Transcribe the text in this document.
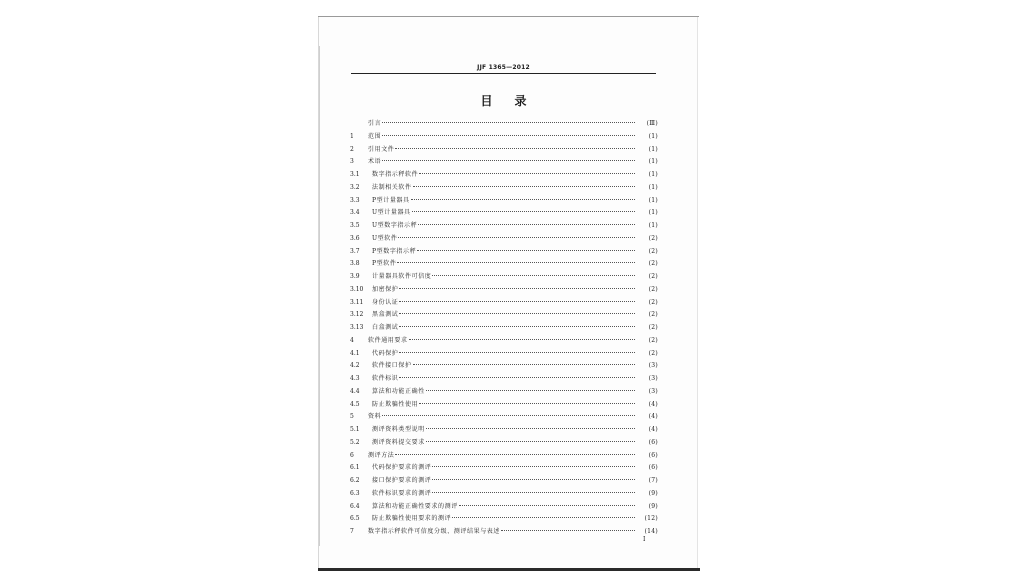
JJF 1365—2012
目录
引言	(Ⅲ)
1	范围	(1)
2	引用文件	(1)
3	术语	(1)
3.1	数字指示秤软件	(1)
3.2	法制相关软件	(1)
3.3	P型计量器具	(1)
3.4	U型计量器具	(1)
3.5	U型数字指示秤	(1)
3.6	U型软件	(2)
3.7	P型数字指示秤	(2)
3.8	P型软件	(2)
3.9	计量器具软件可信度	(2)
3.10	加密保护	(2)
3.11	身份认证	(2)
3.12	黑盒测试	(2)
3.13	白盒测试	(2)
4	软件通用要求	(2)
4.1	代码保护	(2)
4.2	软件接口保护	(3)
4.3	软件标识	(3)
4.4	算法和功能正确性	(3)
4.5	防止欺骗性使用	(4)
5	资料	(4)
5.1	测评资料类型说明	(4)
5.2	测评资料提交要求	(6)
6	测评方法	(6)
6.1	代码保护要求的测评	(6)
6.2	接口保护要求的测评	(7)
6.3	软件标识要求的测评	(9)
6.4	算法和功能正确性要求的测评	(9)
6.5	防止欺骗性使用要求的测评	(12)
7	数字指示秤软件可信度分级、测评结果与表述	(14)
Ⅰ
